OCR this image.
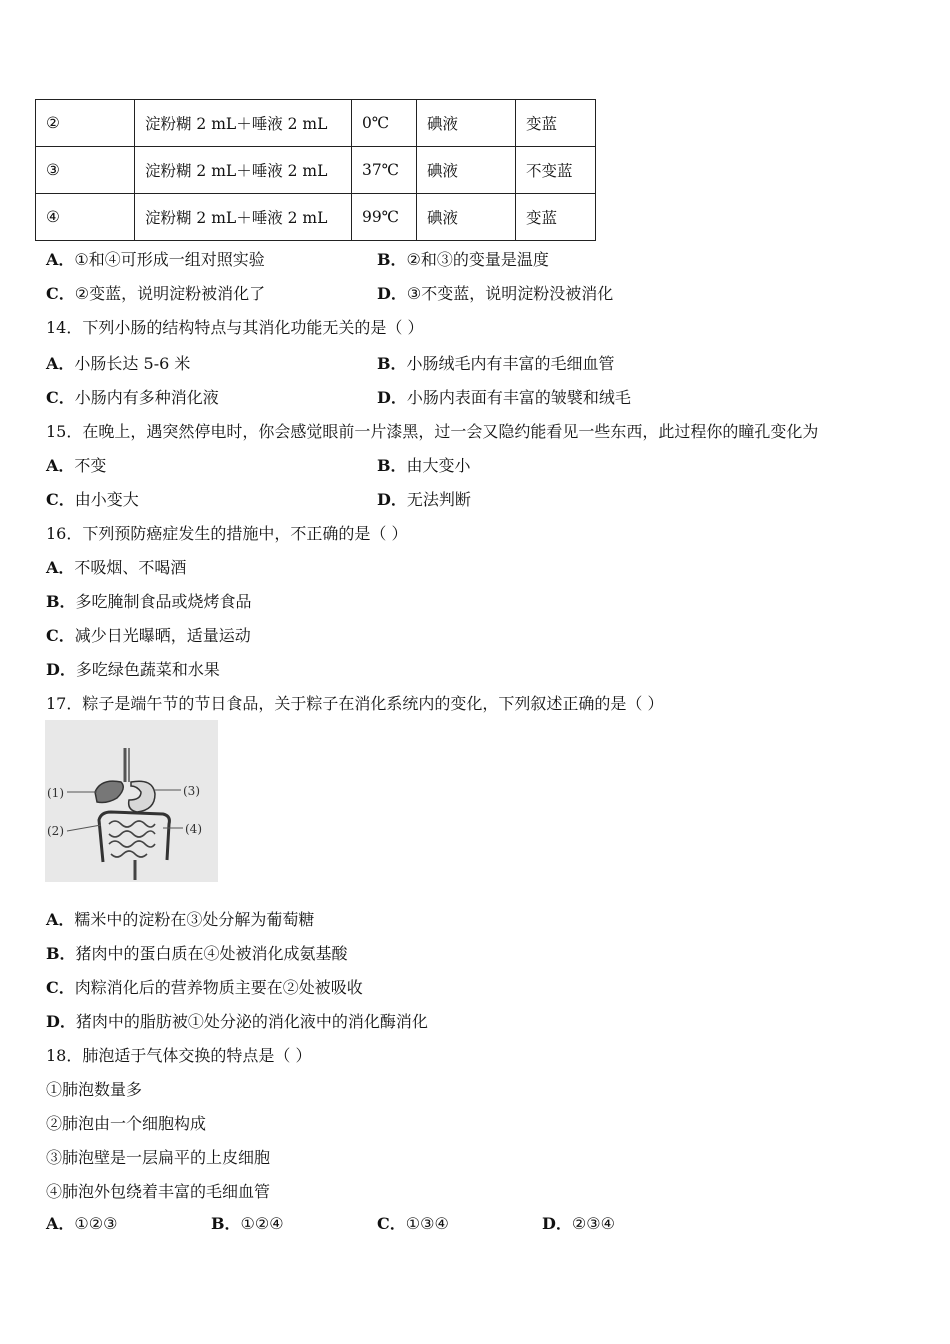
②	淀粉糊 2 mL＋唾液 2 mL	0℃	碘液	变蓝
③	淀粉糊 2 mL＋唾液 2 mL	37℃	碘液	不变蓝
④	淀粉糊 2 mL＋唾液 2 mL	99℃	碘液	变蓝
A．①和④可形成一组对照实验	B．②和③的变量是温度
C．②变蓝，说明淀粉被消化了	D．③不变蓝，说明淀粉没被消化
14．下列小肠的结构特点与其消化功能无关的是（ ）
A．小肠长达 5-6 米	B．小肠绒毛内有丰富的毛细血管
C．小肠内有多种消化液	D．小肠内表面有丰富的皱襞和绒毛
15．在晚上，遇突然停电时，你会感觉眼前一片漆黑，过一会又隐约能看见一些东西，此过程你的瞳孔变化为
A．不变	B．由大变小
C．由小变大	D．无法判断
16．下列预防癌症发生的措施中，不正确的是（ ）
A．不吸烟、不喝酒
B．多吃腌制食品或烧烤食品
C．减少日光曝晒，适量运动
D．多吃绿色蔬菜和水果
17．粽子是端午节的节日食品，关于粽子在消化系统内的变化，下列叙述正确的是（ ）
(1)
(2)
(3)
(4)
A．糯米中的淀粉在③处分解为葡萄糖
B．猪肉中的蛋白质在④处被消化成氨基酸
C．肉粽消化后的营养物质主要在②处被吸收
D．猪肉中的脂肪被①处分泌的消化液中的消化酶消化
18．肺泡适于气体交换的特点是（ ）
①肺泡数量多
②肺泡由一个细胞构成
③肺泡壁是一层扁平的上皮细胞
④肺泡外包绕着丰富的毛细血管
A．①②③	B．①②④	C．①③④	D．②③④
